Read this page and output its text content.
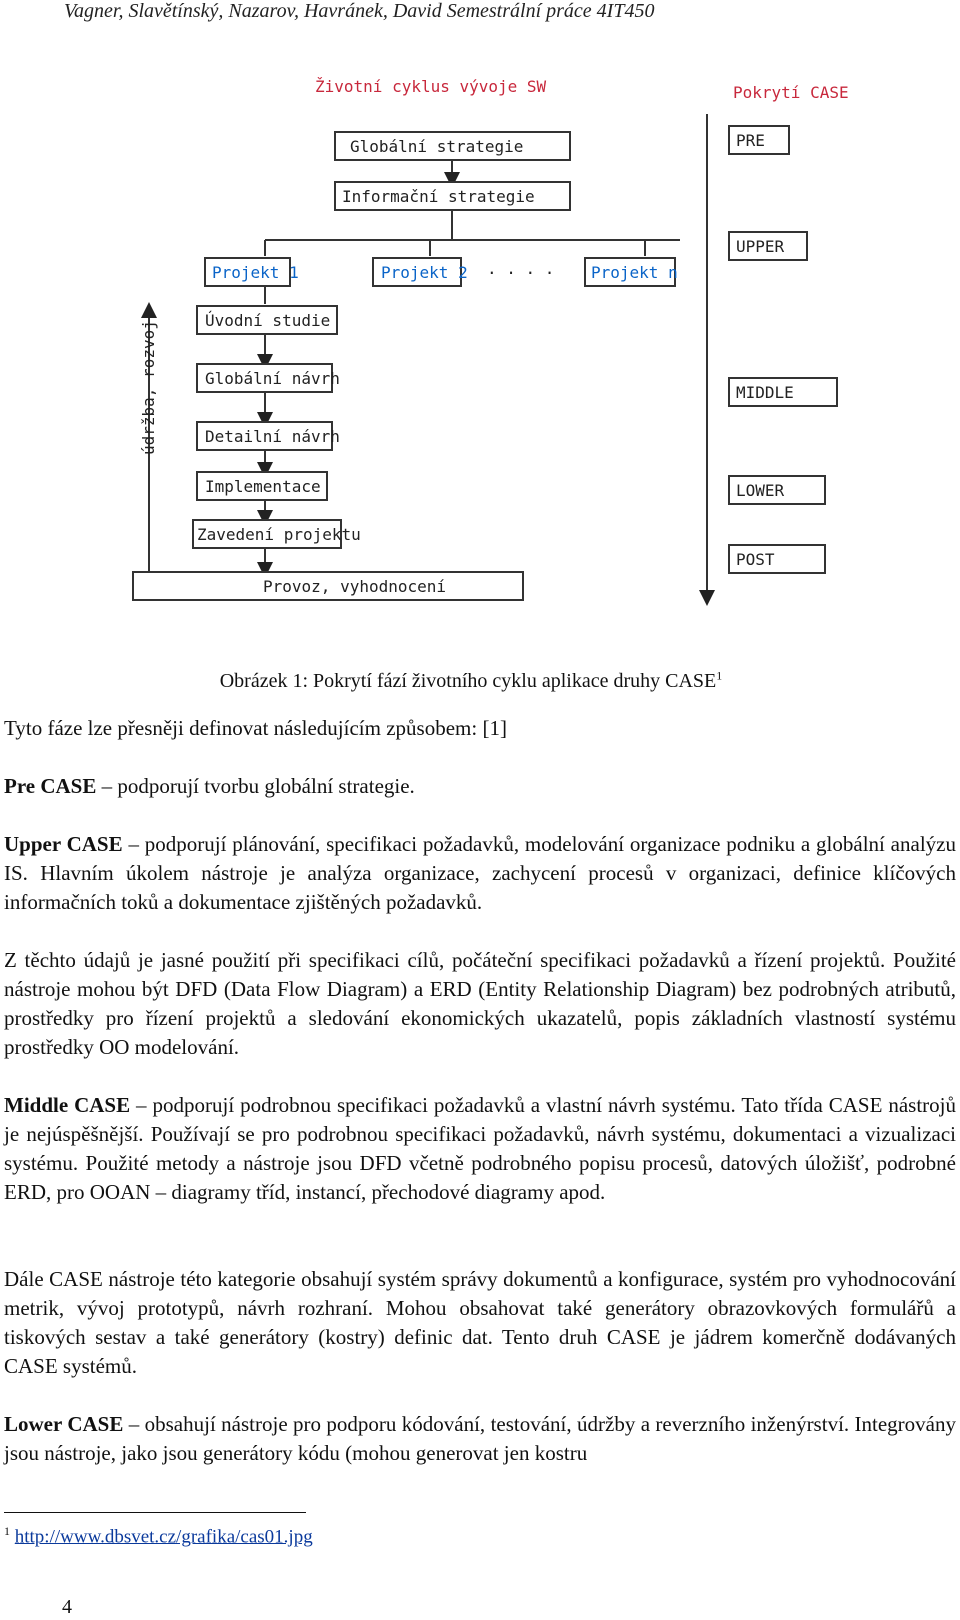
Vagner, Slavětínský, Nazarov, Havránek, David Semestrální práce 4IT450
Životní cyklus vývoje SW	Pokrytí CASE
Globální strategie
Informační strategie
Projekt 1	Projekt 2 . . . . Projekt n
Úvodní studie
Globální návrh
Detailní návrh
Implementace
Zavedení projektu
Provoz, vyhodnocení
údržba, rozvoj
PRE
UPPER
MIDDLE
LOWER
POST
Obrázek 1: Pokrytí fází životního cyklu aplikace druhy CASE$^1$

Tyto fáze lze přesněji definovat následujícím způsobem: [1]

Pre CASE – podporují tvorbu globální strategie.

Upper CASE – podporují plánování, specifikaci požadavků, modelování organizace podniku a globální analýzu IS. Hlavním úkolem nástroje je analýza organizace, zachycení procesů v organizaci, definice klíčových informačních toků a dokumentace zjištěných požadavků.

Z těchto údajů je jasné použití při specifikaci cílů, počáteční specifikaci požadavků a řízení projektů. Použité nástroje mohou být DFD (Data Flow Diagram) a ERD (Entity Relationship Diagram) bez podrobných atributů, prostředky pro řízení projektů a sledování ekonomických ukazatelů, popis základních vlastností systému prostředky OO modelování.

Middle CASE – podporují podrobnou specifikaci požadavků a vlastní návrh systému. Tato třída CASE nástrojů je nejúspěšnější. Používají se pro podrobnou specifikaci požadavků, návrh systému, dokumentaci a vizualizaci systému. Použité metody a nástroje jsou DFD včetně podrobného popisu procesů, datových úložišť, podrobné ERD, pro OOAN – diagramy tříd, instancí, přechodové diagramy apod.

Dále CASE nástroje této kategorie obsahují systém správy dokumentů a konfigurace, systém pro vyhodnocování metrik, vývoj prototypů, návrh rozhraní. Mohou obsahovat také generátory obrazovkových formulářů a tiskových sestav a také generátory (kostry) definic dat. Tento druh CASE je jádrem komerčně dodávaných CASE systémů.

Lower CASE – obsahují nástroje pro podporu kódování, testování, údržby a reverzního inženýrství. Integrovány jsou nástroje, jako jsou generátory kódu (mohou generovat jen kostru

$^1$ http://www.dbsvet.cz/grafika/cas01.jpg
4
